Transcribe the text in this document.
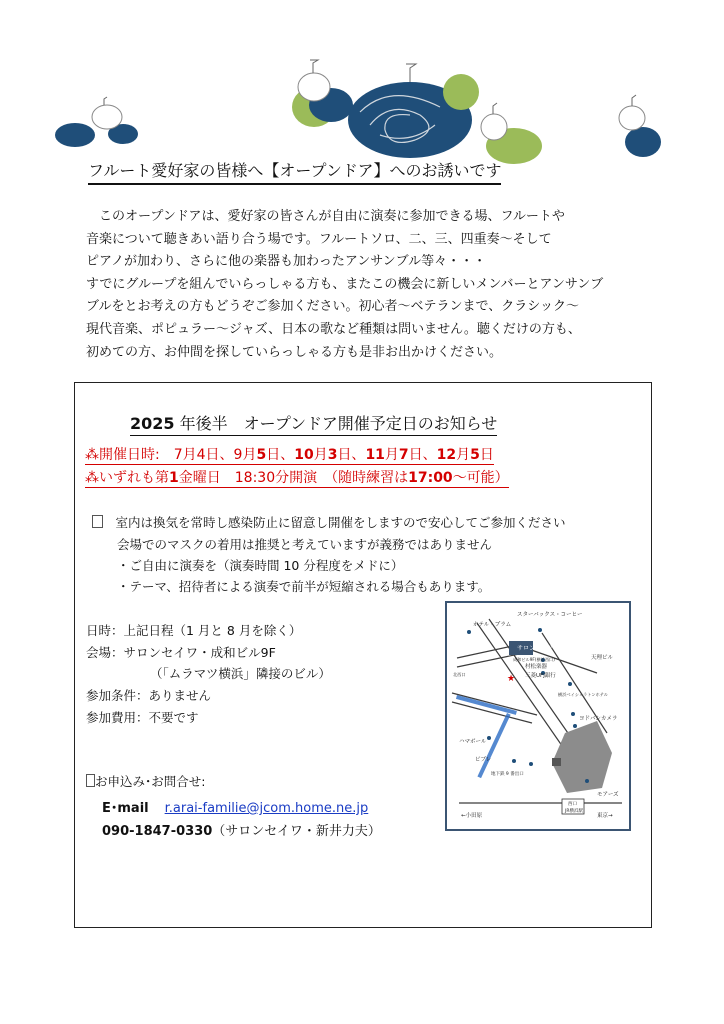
フルート愛好家の皆様へ【オープンドア】へのお誘いです
　このオープンドアは、愛好家の皆さんが自由に演奏に参加できる場、フルートや
音楽について聴きあい語り合う場です。フルートソロ、二、三、四重奏～そして
ピアノが加わり、さらに他の楽器も加わったアンサンブル等々・・・
すでにグループを組んでいらっしゃる方も、またこの機会に新しいメンバーとアンサンブ
ブルをとお考えの方もどうぞご参加ください。初心者～ベテランまで、クラシック～
現代音楽、ポピュラー～ジャズ、日本の歌など種類は問いません。聴くだけの方も、
初めての方、お仲間を探していらっしゃる方も是非お出かけください。
2025 年後半　オープンドア開催予定日のお知らせ
⁂開催日時:　7月4日、9月5日、10月3日、11月7日、12月5日
⁂いずれも第1金曜日　18:30分開演　（随時練習は17:00～可能）
　室内は換気を常時し感染防止に留意し開催をしますので安心してご参加ください
　　会場でのマスクの着用は推奨と考えていますが義務ではありません
　　・ご自由に演奏を（演奏時間 10 分程度をメドに）
　　・テーマ、招待者による演奏で前半が短縮される場合もあります。
日時：上記日程（1 月と 8 月を除く）
会場：サロンセイワ・成和ビル9F
（「ムラマツ横浜」隣接のビル）
参加条件：ありません
参加費用：不要です
お申込み･お問合せ:
E･mail r.arai-familie@jcom.home.ne.jp
090-1847-0330（サロンセイワ・新井力夫）
★
ホテル・プラム
スターバックス・コーヒー
サロンセイワ
成和ビル9F(横浜西口)
村松楽器
三菱UFJ銀行
天理ビル
横浜ベイシェラトンホテル
ヨドバシカメラ
ハマボール
ビブレ
地下鉄 9 番出口
北西口
モアーズ
西口
JR横浜駅
←小田原	東京→
